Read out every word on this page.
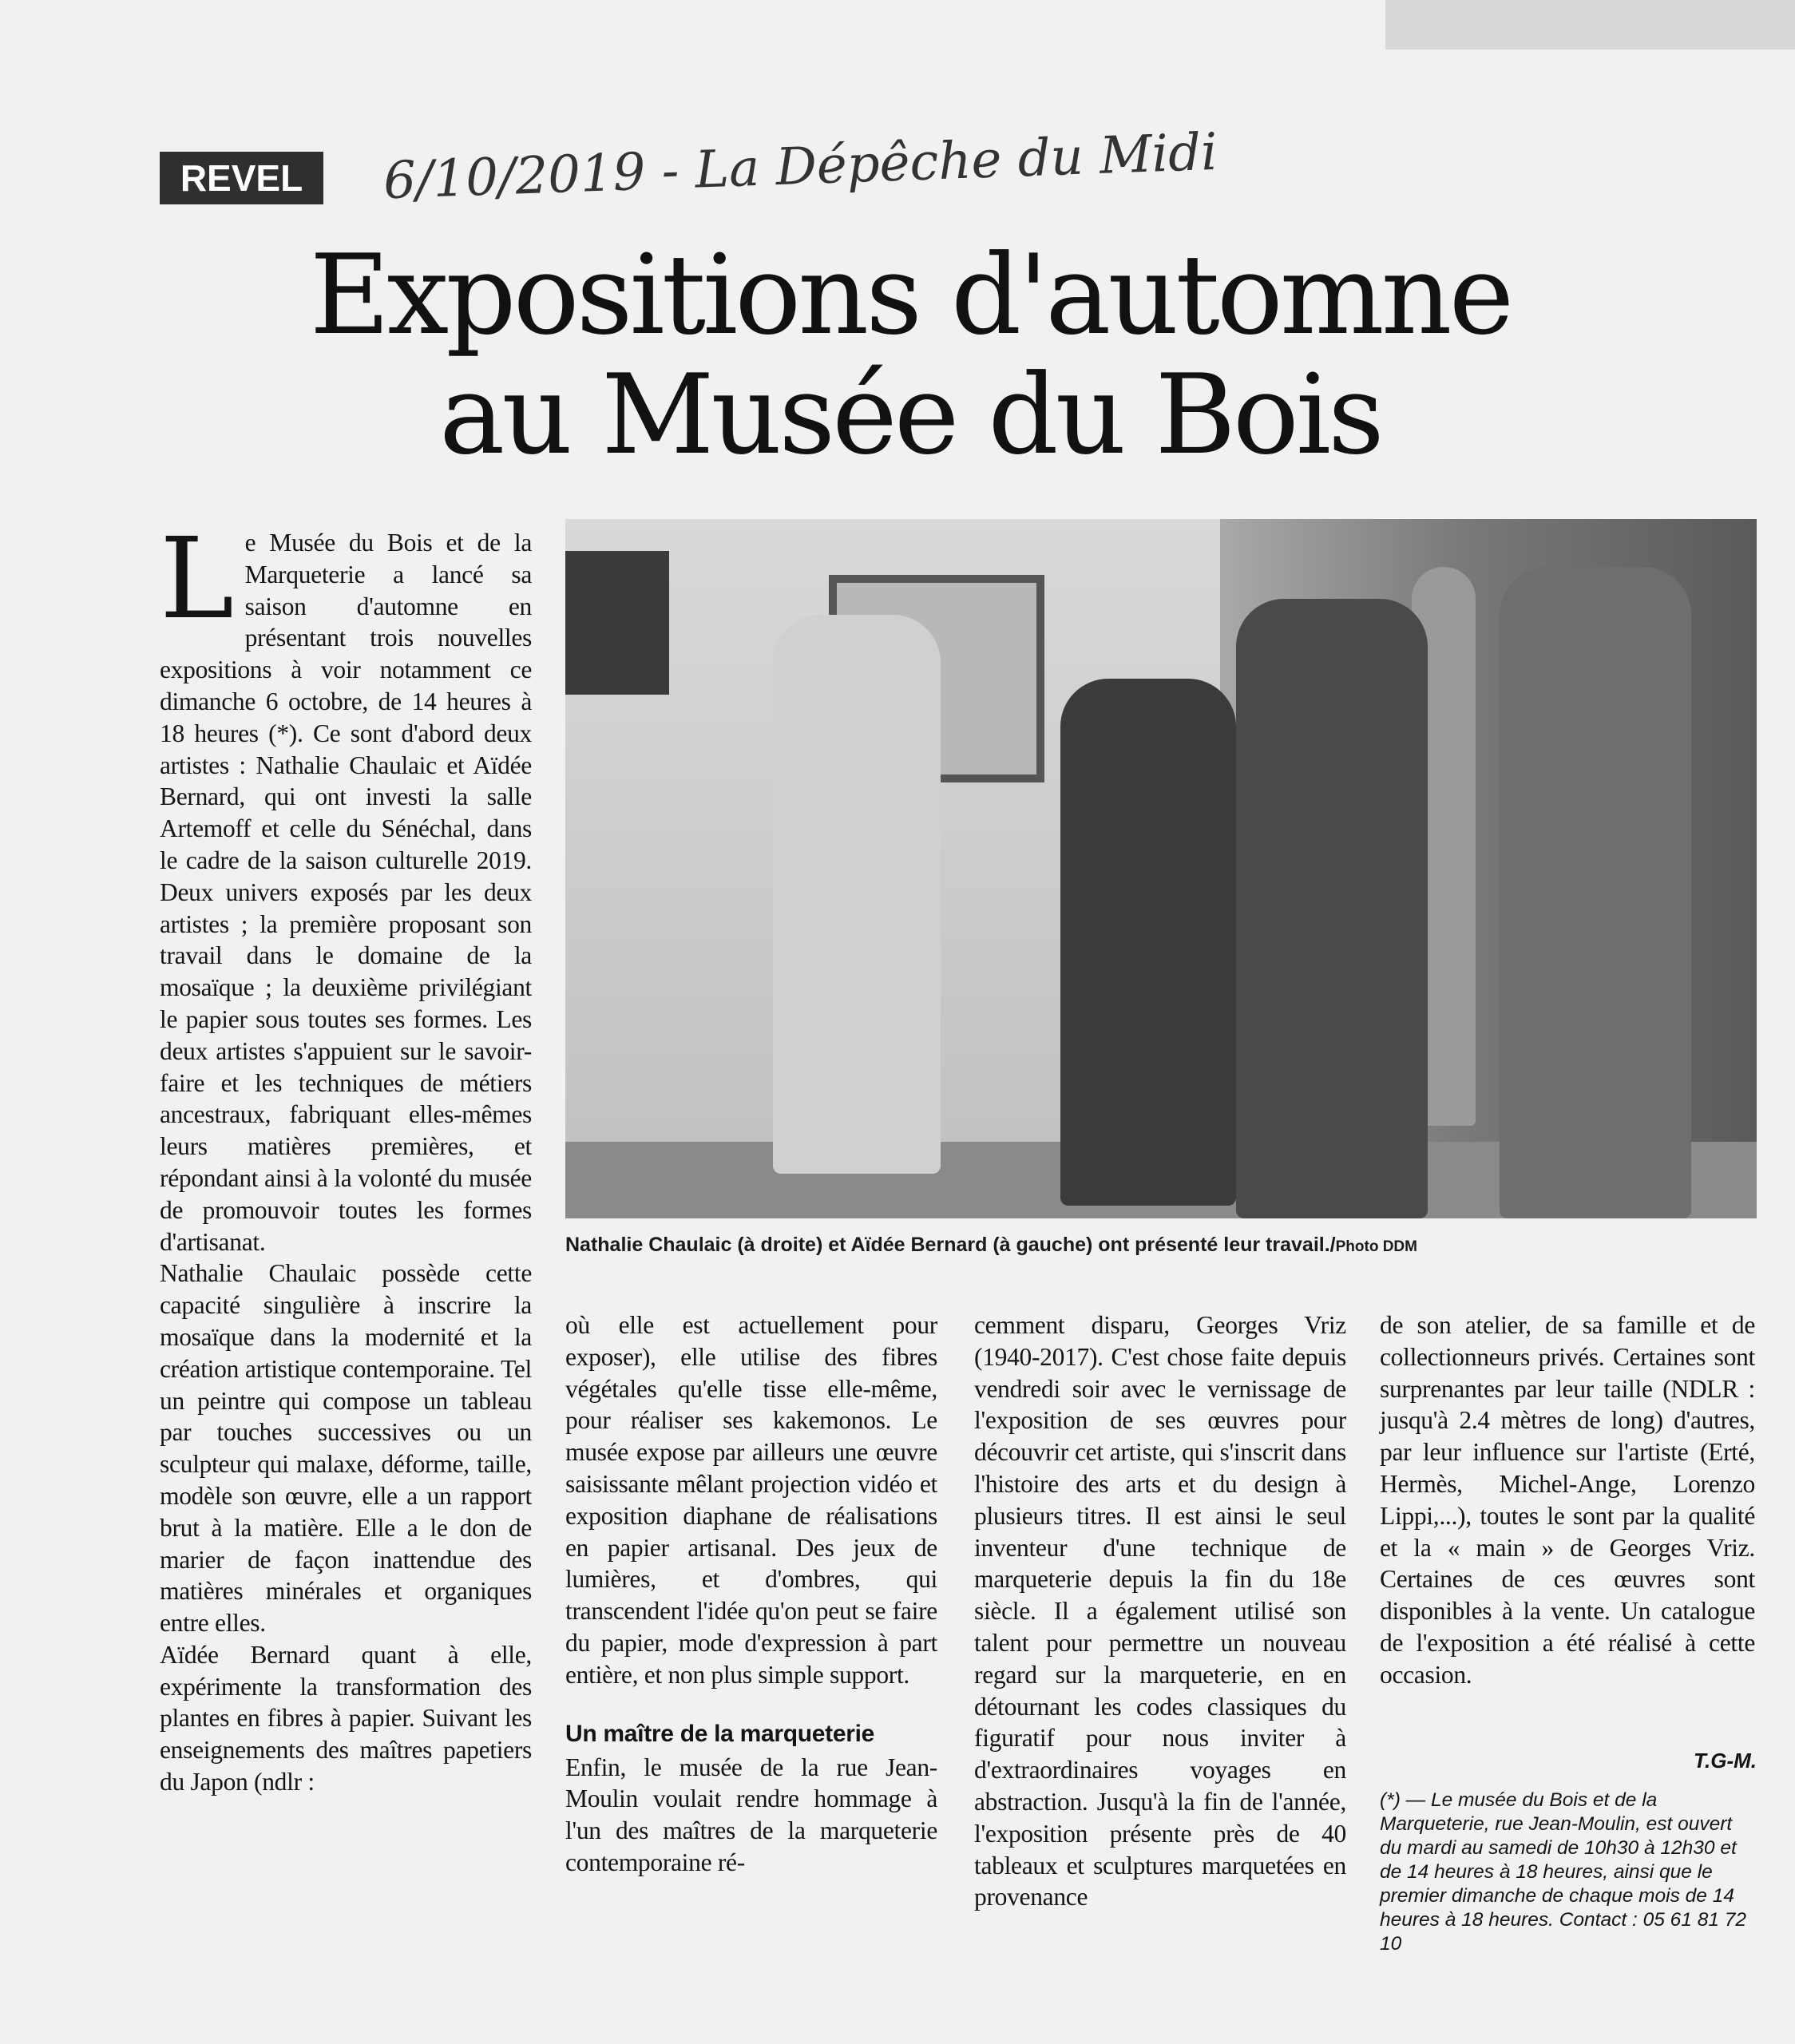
REVEL	6/10/2019 - La Dépêche du Midi
Expositions d'automne
au Musée du Bois
L e Musée du Bois et de la Marqueterie a lancé sa saison d'automne en présentant trois nouvelles expositions à voir notamment ce dimanche 6 octobre, de 14 heures à 18 heures (*). Ce sont d'abord deux artistes : Nathalie Chaulaic et Aïdée Bernard, qui ont investi la salle Artemoff et celle du Sénéchal, dans le cadre de la saison culturelle 2019. Deux univers exposés par les deux artistes ; la première proposant son travail dans le domaine de la mosaïque ; la deuxième privilégiant le papier sous toutes ses formes. Les deux artistes s'appuient sur le savoir-faire et les techniques de métiers ancestraux, fabriquant elles-mêmes leurs matières premières, et répondant ainsi à la volonté du musée de promouvoir toutes les formes d'artisanat.

Nathalie Chaulaic possède cette capacité singulière à inscrire la mosaïque dans la modernité et la création artistique contemporaine. Tel un peintre qui compose un tableau par touches successives ou un sculpteur qui malaxe, déforme, taille, modèle son œuvre, elle a un rapport brut à la matière. Elle a le don de marier de façon inattendue des matières minérales et organiques entre elles.

Aïdée Bernard quant à elle, expérimente la transformation des plantes en fibres à papier. Suivant les enseignements des maîtres papetiers du Japon (ndlr :

Nathalie Chaulaic (à droite) et Aïdée Bernard (à gauche) ont présenté leur travail./Photo DDM

où elle est actuellement pour exposer), elle utilise des fibres végétales qu'elle tisse elle-même, pour réaliser ses kakemonos. Le musée expose par ailleurs une œuvre saisissante mêlant projection vidéo et exposition diaphane de réalisations en papier artisanal. Des jeux de lumières, et d'ombres, qui transcendent l'idée qu'on peut se faire du papier, mode d'expression à part entière, et non plus simple support.

Un maître de la marqueterie

Enfin, le musée de la rue Jean-Moulin voulait rendre hommage à l'un des maîtres de la marqueterie contemporaine ré-

cemment disparu, Georges Vriz (1940-2017). C'est chose faite depuis vendredi soir avec le vernissage de l'exposition de ses œuvres pour découvrir cet artiste, qui s'inscrit dans l'histoire des arts et du design à plusieurs titres. Il est ainsi le seul inventeur d'une technique de marqueterie depuis la fin du 18e siècle. Il a également utilisé son talent pour permettre un nouveau regard sur la marqueterie, en en détournant les codes classiques du figuratif pour nous inviter à d'extraordinaires voyages en abstraction. Jusqu'à la fin de l'année, l'exposition présente près de 40 tableaux et sculptures marquetées en provenance

de son atelier, de sa famille et de collectionneurs privés. Certaines sont surprenantes par leur taille (NDLR : jusqu'à 2.4 mètres de long) d'autres, par leur influence sur l'artiste (Erté, Hermès, Michel-Ange, Lorenzo Lippi,...), toutes le sont par la qualité et la « main » de Georges Vriz. Certaines de ces œuvres sont disponibles à la vente. Un catalogue de l'exposition a été réalisé à cette occasion.

T.G-M.
(*) — Le musée du Bois et de la Marqueterie, rue Jean-Moulin, est ouvert du mardi au samedi de 10h30 à 12h30 et de 14 heures à 18 heures, ainsi que le premier dimanche de chaque mois de 14 heures à 18 heures. Contact : 05 61 81 72 10
